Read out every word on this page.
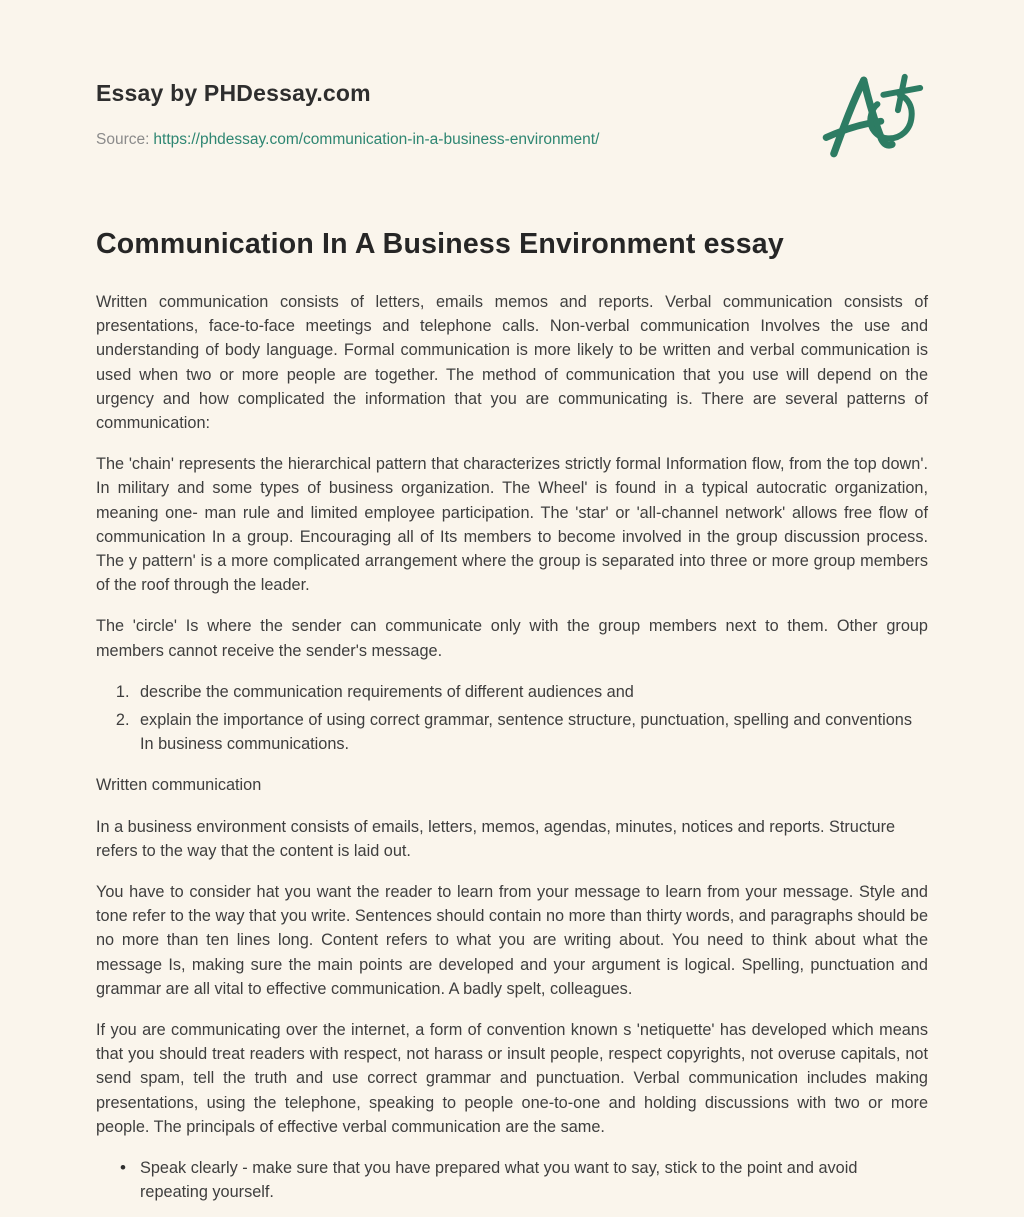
Essay by PHDessay.com
Source: https://phdessay.com/communication-in-a-business-environment/
Communication In A Business Environment essay

Written communication consists of letters, emails memos and reports. Verbal communication consists of presentations, face-to-face meetings and telephone calls. Non-verbal communication Involves the use and understanding of body language. Formal communication is more likely to be written and verbal communication is used when two or more people are together. The method of communication that you use will depend on the urgency and how complicated the information that you are communicating is. There are several patterns of communication:

The 'chain' represents the hierarchical pattern that characterizes strictly formal Information flow, from the top down'. In military and some types of business organization. The Wheel' is found in a typical autocratic organization, meaning one- man rule and limited employee participation. The 'star' or 'all-channel network' allows free flow of communication In a group. Encouraging all of Its members to become involved in the group discussion process. The y pattern' is a more complicated arrangement where the group is separated into three or more group members of the roof through the leader.

The 'circle' Is where the sender can communicate only with the group members next to them. Other group members cannot receive the sender's message.

1. describe the communication requirements of different audiences and
2. explain the importance of using correct grammar, sentence structure, punctuation, spelling and conventions In business communications.

Written communication

In a business environment consists of emails, letters, memos, agendas, minutes, notices and reports. Structure refers to the way that the content is laid out.

You have to consider hat you want the reader to learn from your message to learn from your message. Style and tone refer to the way that you write. Sentences should contain no more than thirty words, and paragraphs should be no more than ten lines long. Content refers to what you are writing about. You need to think about what the message Is, making sure the main points are developed and your argument is logical. Spelling, punctuation and grammar are all vital to effective communication. A badly spelt, colleagues.

If you are communicating over the internet, a form of convention known s 'netiquette' has developed which means that you should treat readers with respect, not harass or insult people, respect copyrights, not overuse capitals, not send spam, tell the truth and use correct grammar and punctuation. Verbal communication includes making presentations, using the telephone, speaking to people one-to-one and holding discussions with two or more people. The principals of effective verbal communication are the same.

• Speak clearly - make sure that you have prepared what you want to say, stick to the point and avoid repeating yourself.
